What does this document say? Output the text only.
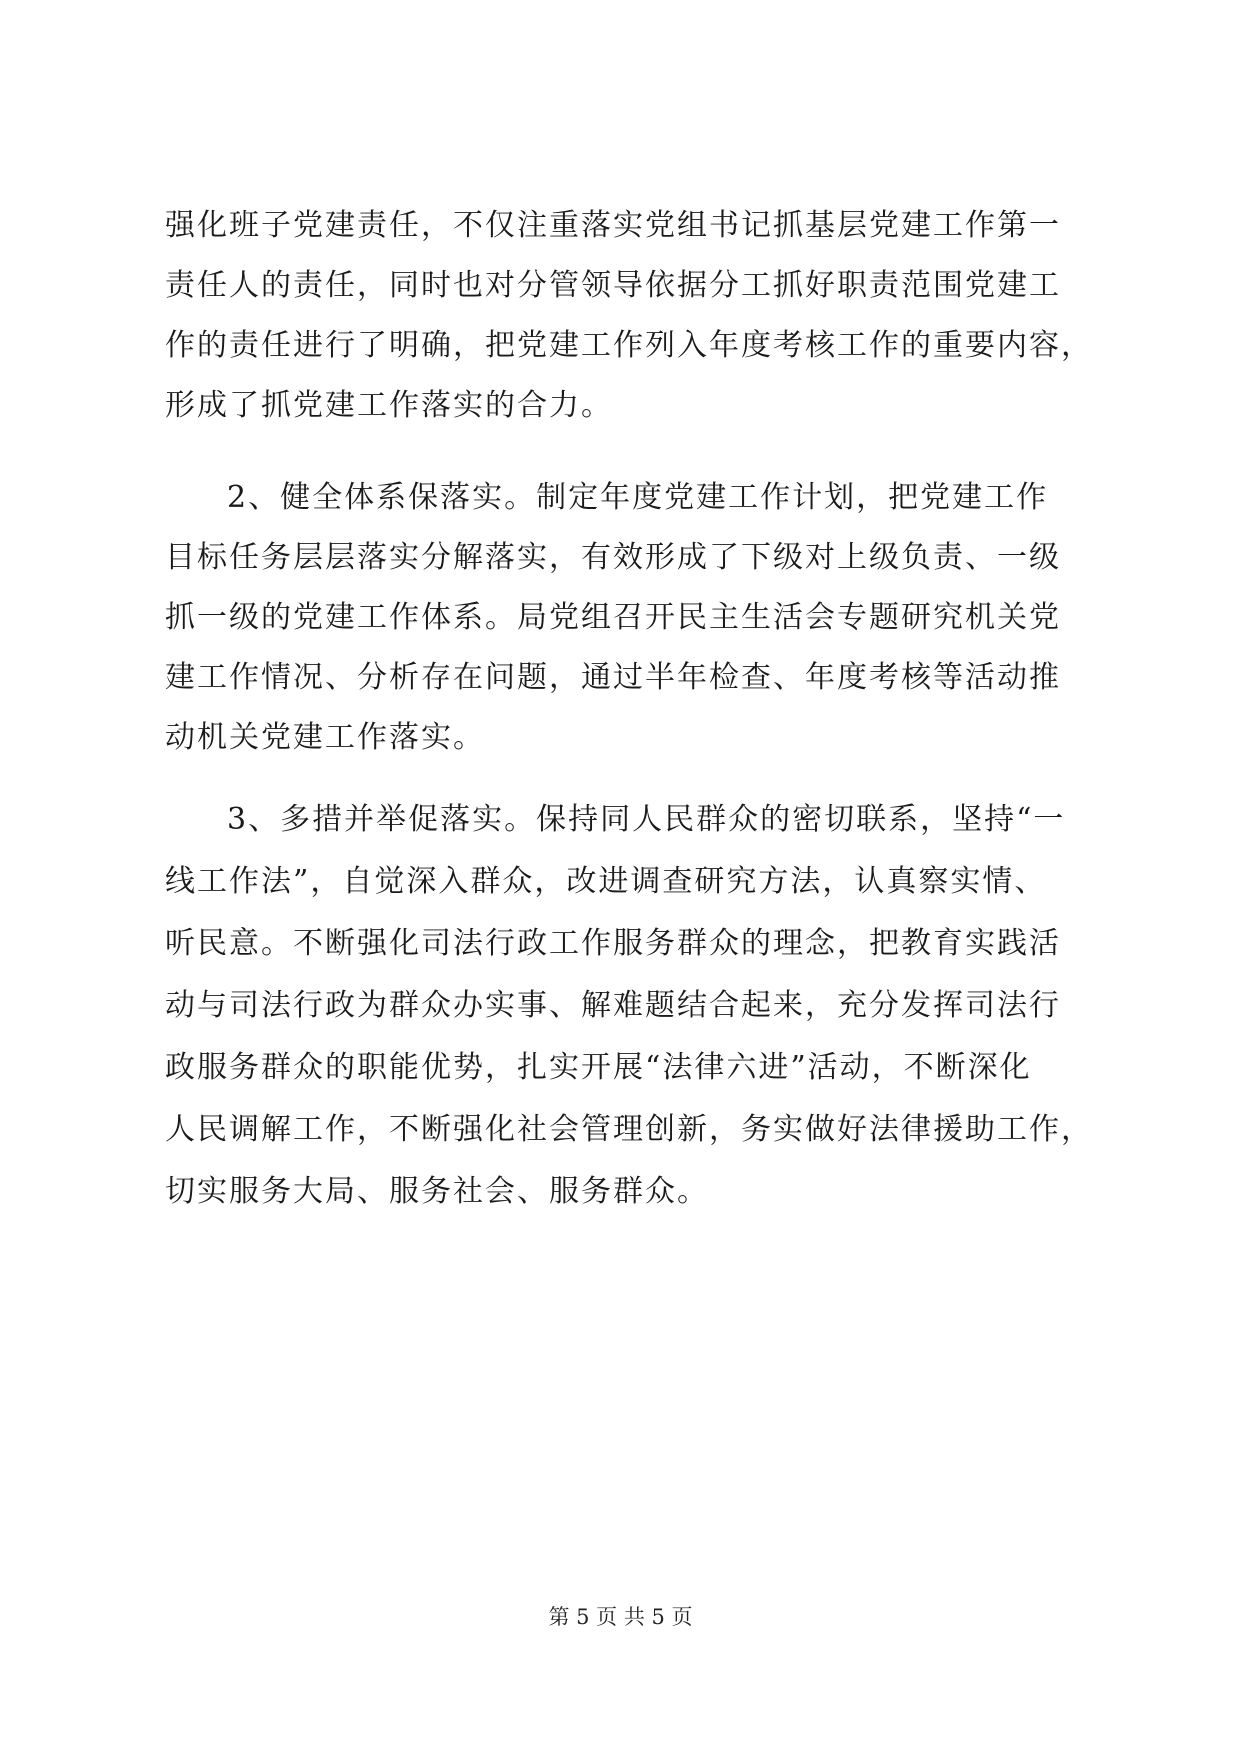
强化班子党建责任，不仅注重落实党组书记抓基层党建工作第一
责任人的责任，同时也对分管领导依据分工抓好职责范围党建工
作的责任进行了明确，把党建工作列入年度考核工作的重要内容，
形成了抓党建工作落实的合力。
2、健全体系保落实。制定年度党建工作计划，把党建工作
目标任务层层落实分解落实，有效形成了下级对上级负责、一级
抓一级的党建工作体系。局党组召开民主生活会专题研究机关党
建工作情况、分析存在问题，通过半年检查、年度考核等活动推
动机关党建工作落实。
3、多措并举促落实。保持同人民群众的密切联系，坚持“一
线工作法”，自觉深入群众，改进调查研究方法，认真察实情、
听民意。不断强化司法行政工作服务群众的理念，把教育实践活
动与司法行政为群众办实事、解难题结合起来，充分发挥司法行
政服务群众的职能优势，扎实开展“法律六进”活动，不断深化
人民调解工作，不断强化社会管理创新，务实做好法律援助工作，
切实服务大局、服务社会、服务群众。
第 5 页 共 5 页
